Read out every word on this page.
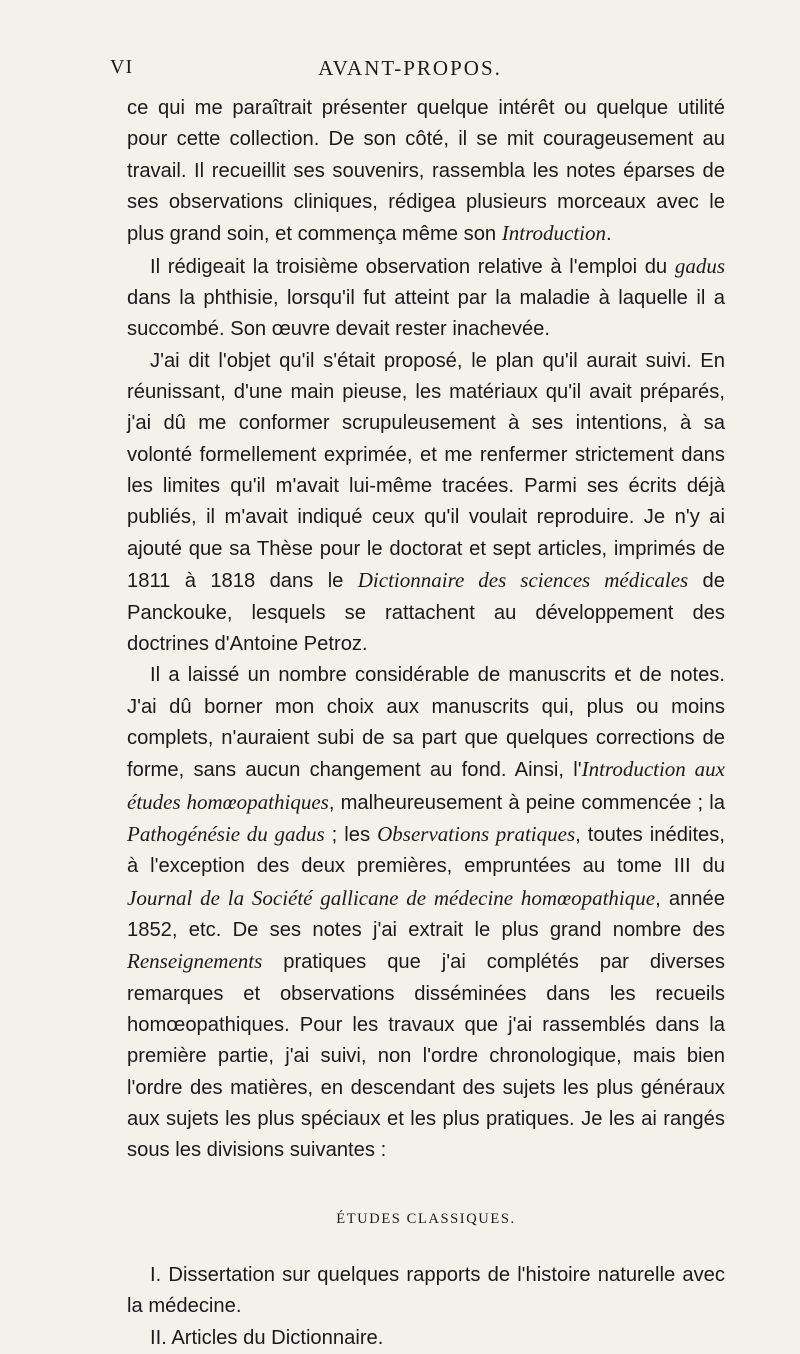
VI	AVANT-PROPOS.

ce qui me paraîtrait présenter quelque intérêt ou quelque utilité pour cette collection. De son côté, il se mit courageusement au travail. Il recueillit ses souvenirs, rassembla les notes éparses de ses observations cliniques, rédigea plusieurs morceaux avec le plus grand soin, et commença même son Introduction.

Il rédigeait la troisième observation relative à l'emploi du gadus dans la phthisie, lorsqu'il fut atteint par la maladie à laquelle il a succombé. Son œuvre devait rester inachevée.

J'ai dit l'objet qu'il s'était proposé, le plan qu'il aurait suivi. En réunissant, d'une main pieuse, les matériaux qu'il avait préparés, j'ai dû me conformer scrupuleusement à ses intentions, à sa volonté formellement exprimée, et me renfermer strictement dans les limites qu'il m'avait lui-même tracées. Parmi ses écrits déjà publiés, il m'avait indiqué ceux qu'il voulait reproduire. Je n'y ai ajouté que sa Thèse pour le doctorat et sept articles, imprimés de 1811 à 1818 dans le Dictionnaire des sciences médicales de Panckouke, lesquels se rattachent au développement des doctrines d'Antoine Petroz.

Il a laissé un nombre considérable de manuscrits et de notes. J'ai dû borner mon choix aux manuscrits qui, plus ou moins complets, n'auraient subi de sa part que quelques corrections de forme, sans aucun changement au fond. Ainsi, l'Introduction aux études homœopathiques, malheureusement à peine commencée ; la Pathogénésie du gadus ; les Observations pratiques, toutes inédites, à l'exception des deux premières, empruntées au tome III du Journal de la Société gallicane de médecine homœopathique, année 1852, etc. De ses notes j'ai extrait le plus grand nombre des Renseignements pratiques que j'ai complétés par diverses remarques et observations disséminées dans les recueils homœopathiques. Pour les travaux que j'ai rassemblés dans la première partie, j'ai suivi, non l'ordre chronologique, mais bien l'ordre des matières, en descendant des sujets les plus généraux aux sujets les plus spéciaux et les plus pratiques. Je les ai rangés sous les divisions suivantes :

ÉTUDES CLASSIQUES.

I. Dissertation sur quelques rapports de l'histoire naturelle avec la médecine.

II. Articles du Dictionnaire.
